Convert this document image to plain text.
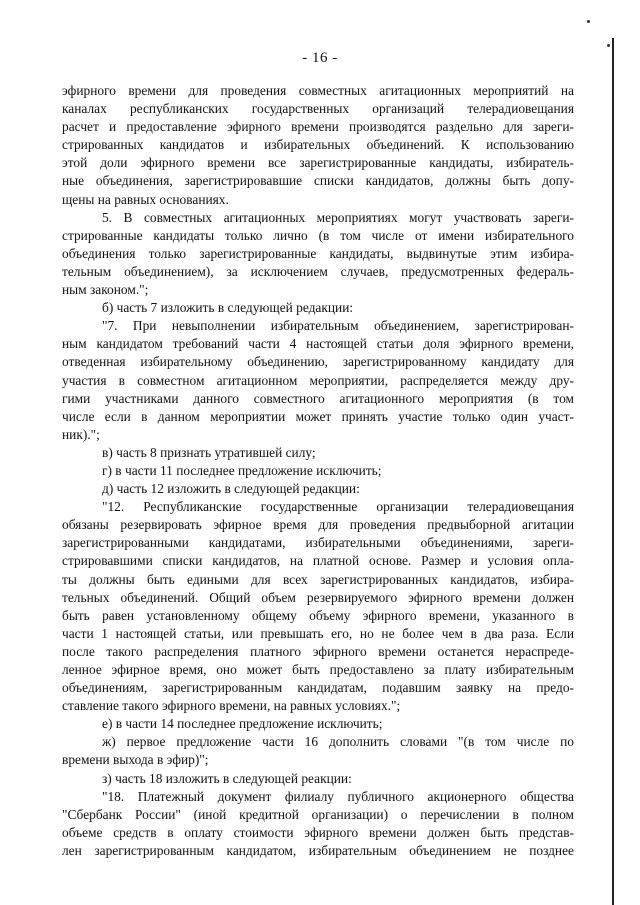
- 16 -
эфирного времени для проведения совместных агитационных мероприятий на
каналах республиканских государственных организаций телерадиовещания
расчет и предоставление эфирного времени производятся раздельно для зареги-
стрированных кандидатов и избирательных объединений. К использованию
этой доли эфирного времени все зарегистрированные кандидаты, избиратель-
ные объединения, зарегистрировавшие списки кандидатов, должны быть допу-
щены на равных основаниях.
5. В совместных агитационных мероприятиях могут участвовать зареги-
стрированные кандидаты только лично (в том числе от имени избирательного
объединения только зарегистрированные кандидаты, выдвинутые этим избира-
тельным объединением), за исключением случаев, предусмотренных федераль-
ным законом.";
б) часть 7 изложить в следующей редакции:
"7. При невыполнении избирательным объединением, зарегистрирован-
ным кандидатом требований части 4 настоящей статьи доля эфирного времени,
отведенная избирательному объединению, зарегистрированному кандидату для
участия в совместном агитационном мероприятии, распределяется между дру-
гими участниками данного совместного агитационного мероприятия (в том
числе если в данном мероприятии может принять участие только один участ-
ник).";
в) часть 8 признать утратившей силу;
г) в части 11 последнее предложение исключить;
д) часть 12 изложить в следующей редакции:
"12. Республиканские государственные организации телерадиовещания
обязаны резервировать эфирное время для проведения предвыборной агитации
зарегистрированными кандидатами, избирательными объединениями, зареги-
стрировавшими списки кандидатов, на платной основе. Размер и условия опла-
ты должны быть едиными для всех зарегистрированных кандидатов, избира-
тельных объединений. Общий объем резервируемого эфирного времени должен
быть равен установленному общему объему эфирного времени, указанного в
части 1 настоящей статьи, или превышать его, но не более чем в два раза. Если
после такого распределения платного эфирного времени останется нераспреде-
ленное эфирное время, оно может быть предоставлено за плату избирательным
объединениям, зарегистрированным кандидатам, подавшим заявку на предо-
ставление такого эфирного времени, на равных условиях.";
е) в части 14 последнее предложение исключить;
ж) первое предложение части 16 дополнить словами "(в том числе по
времени выхода в эфир)";
з) часть 18 изложить в следующей реакции:
"18. Платежный документ филиалу публичного акционерного общества
"Сбербанк России" (иной кредитной организации) о перечислении в полном
объеме средств в оплату стоимости эфирного времени должен быть представ-
лен зарегистрированным кандидатом, избирательным объединением не позднее
